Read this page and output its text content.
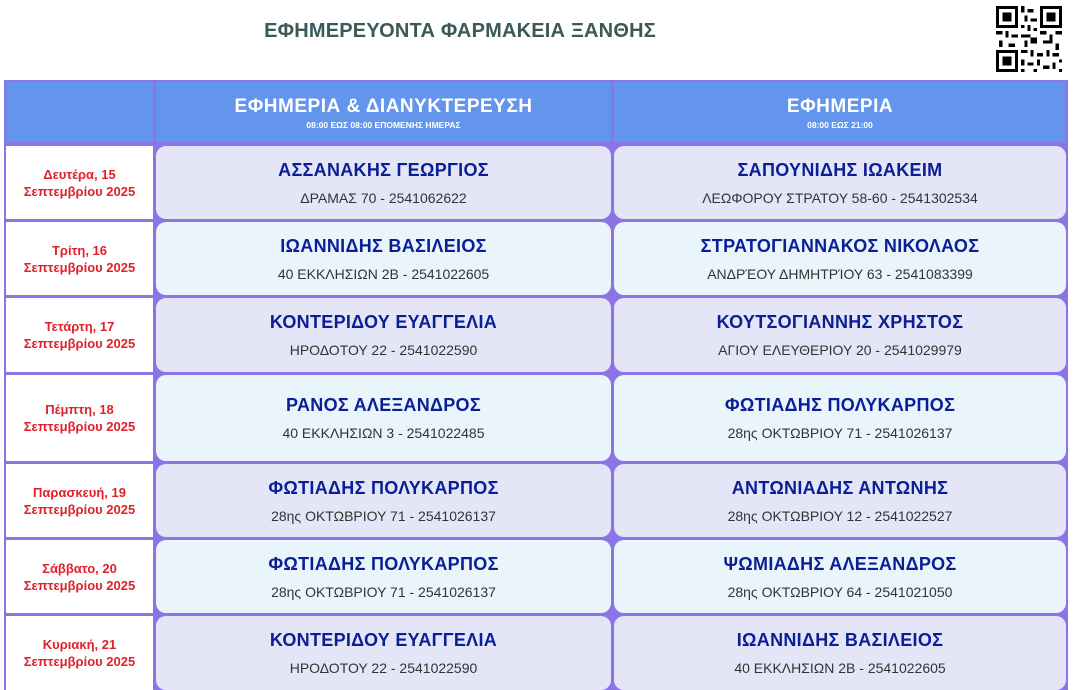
ΕΦΗΜΕΡΕΥΟΝΤΑ ΦΑΡΜΑΚΕΙΑ ΞΑΝΘΗΣ
ΕΦΗΜΕΡΙΑ & ΔΙΑΝΥΚΤΕΡΕΥΣΗ
08:00 ΕΩΣ 08:00 ΕΠΟΜΕΝΗΣ ΗΜΕΡΑΣ
ΕΦΗΜΕΡΙΑ
08:00 ΕΩΣ 21:00
Δευτέρα, 15
Σεπτεμβρίου 2025
ΑΣΣΑΝΑΚΗΣ ΓΕΩΡΓΙΟΣ
ΔΡΑΜΑΣ 70 - 2541062622
ΣΑΠΟΥΝΙΔΗΣ ΙΩΑΚΕΙΜ
ΛΕΩΦΟΡΟΥ ΣΤΡΑΤΟΥ 58-60 - 2541302534
Τρίτη, 16
Σεπτεμβρίου 2025
ΙΩΑΝΝΙΔΗΣ ΒΑΣΙΛΕΙΟΣ
40 ΕΚΚΛΗΣΙΩΝ 2Β - 2541022605
ΣΤΡΑΤΟΓΙΑΝΝΑΚΟΣ ΝΙΚΟΛΑΟΣ
ΑΝΔΡΈΟΥ ΔΗΜΗΤΡΊΟΥ 63 - 2541083399
Τετάρτη, 17
Σεπτεμβρίου 2025
ΚΟΝΤΕΡΙΔΟΥ ΕΥΑΓΓΕΛΙΑ
ΗΡΟΔΟΤΟΥ 22 - 2541022590
ΚΟΥΤΣΟΓΙΑΝΝΗΣ ΧΡΗΣΤΟΣ
ΑΓΙΟΥ ΕΛΕΥΘΕΡΙΟΥ 20 - 2541029979
Πέμπτη, 18
Σεπτεμβρίου 2025
ΡΑΝΟΣ ΑΛΕΞΑΝΔΡΟΣ
40 ΕΚΚΛΗΣΙΩΝ 3 - 2541022485
ΦΩΤΙΑΔΗΣ ΠΟΛΥΚΑΡΠΟΣ
28ης ΟΚΤΩΒΡΙΟΥ 71 - 2541026137
Παρασκευή, 19
Σεπτεμβρίου 2025
ΦΩΤΙΑΔΗΣ ΠΟΛΥΚΑΡΠΟΣ
28ης ΟΚΤΩΒΡΙΟΥ 71 - 2541026137
ΑΝΤΩΝΙΑΔΗΣ ΑΝΤΩΝΗΣ
28ης ΟΚΤΩΒΡΙΟΥ 12 - 2541022527
Σάββατο, 20
Σεπτεμβρίου 2025
ΦΩΤΙΑΔΗΣ ΠΟΛΥΚΑΡΠΟΣ
28ης ΟΚΤΩΒΡΙΟΥ 71 - 2541026137
ΨΩΜΙΑΔΗΣ ΑΛΕΞΑΝΔΡΟΣ
28ης ΟΚΤΩΒΡΙΟΥ 64 - 2541021050
Κυριακή, 21
Σεπτεμβρίου 2025
ΚΟΝΤΕΡΙΔΟΥ ΕΥΑΓΓΕΛΙΑ
ΗΡΟΔΟΤΟΥ 22 - 2541022590
ΙΩΑΝΝΙΔΗΣ ΒΑΣΙΛΕΙΟΣ
40 ΕΚΚΛΗΣΙΩΝ 2Β - 2541022605
